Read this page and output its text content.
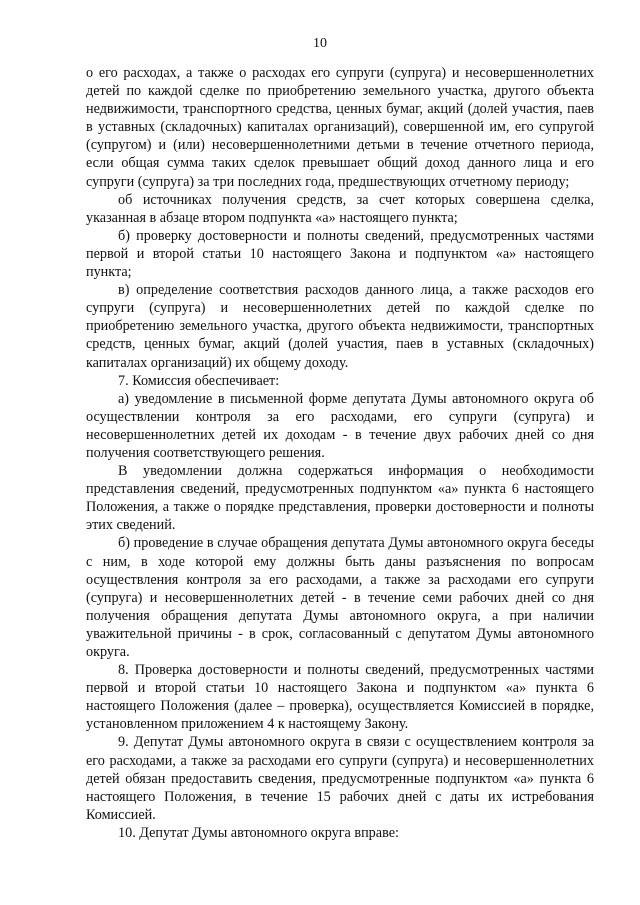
10

о его расходах, а также о расходах его супруги (супруга) и несовершеннолетних детей по каждой сделке по приобретению земельного участка, другого объекта недвижимости, транспортного средства, ценных бумаг, акций (долей участия, паев в уставных (складочных) капиталах организаций), совершенной им, его супругой (супругом) и (или) несовершеннолетними детьми в течение отчетного периода, если общая сумма таких сделок превышает общий доход данного лица и его супруги (супруга) за три последних года, предшествующих отчетному периоду;

об источниках получения средств, за счет которых совершена сделка, указанная в абзаце втором подпункта «а» настоящего пункта;

б) проверку достоверности и полноты сведений, предусмотренных частями первой и второй статьи 10 настоящего Закона и подпунктом «а» настоящего пункта;

в) определение соответствия расходов данного лица, а также расходов его супруги (супруга) и несовершеннолетних детей по каждой сделке по приобретению земельного участка, другого объекта недвижимости, транспортных средств, ценных бумаг, акций (долей участия, паев в уставных (складочных) капиталах организаций) их общему доходу.

7. Комиссия обеспечивает:

а) уведомление в письменной форме депутата Думы автономного округа об осуществлении контроля за его расходами, его супруги (супруга) и несовершеннолетних детей их доходам - в течение двух рабочих дней со дня получения соответствующего решения.

В уведомлении должна содержаться информация о необходимости представления сведений, предусмотренных подпунктом «а» пункта 6 настоящего Положения, а также о порядке представления, проверки достоверности и полноты этих сведений.

б) проведение в случае обращения депутата Думы автономного округа беседы с ним, в ходе которой ему должны быть даны разъяснения по вопросам осуществления контроля за его расходами, а также за расходами его супруги (супруга) и несовершеннолетних детей - в течение семи рабочих дней со дня получения обращения депутата Думы автономного округа, а при наличии уважительной причины - в срок, согласованный с депутатом Думы автономного округа.

8. Проверка достоверности и полноты сведений, предусмотренных частями первой и второй статьи 10 настоящего Закона и подпунктом «а» пункта 6 настоящего Положения (далее – проверка), осуществляется Комиссией в порядке, установленном приложением 4 к настоящему Закону.

9. Депутат Думы автономного округа в связи с осуществлением контроля за его расходами, а также за расходами его супруги (супруга) и несовершеннолетних детей обязан предоставить сведения, предусмотренные подпунктом «а» пункта 6 настоящего Положения, в течение 15 рабочих дней с даты их истребования Комиссией.

10. Депутат Думы автономного округа вправе:
